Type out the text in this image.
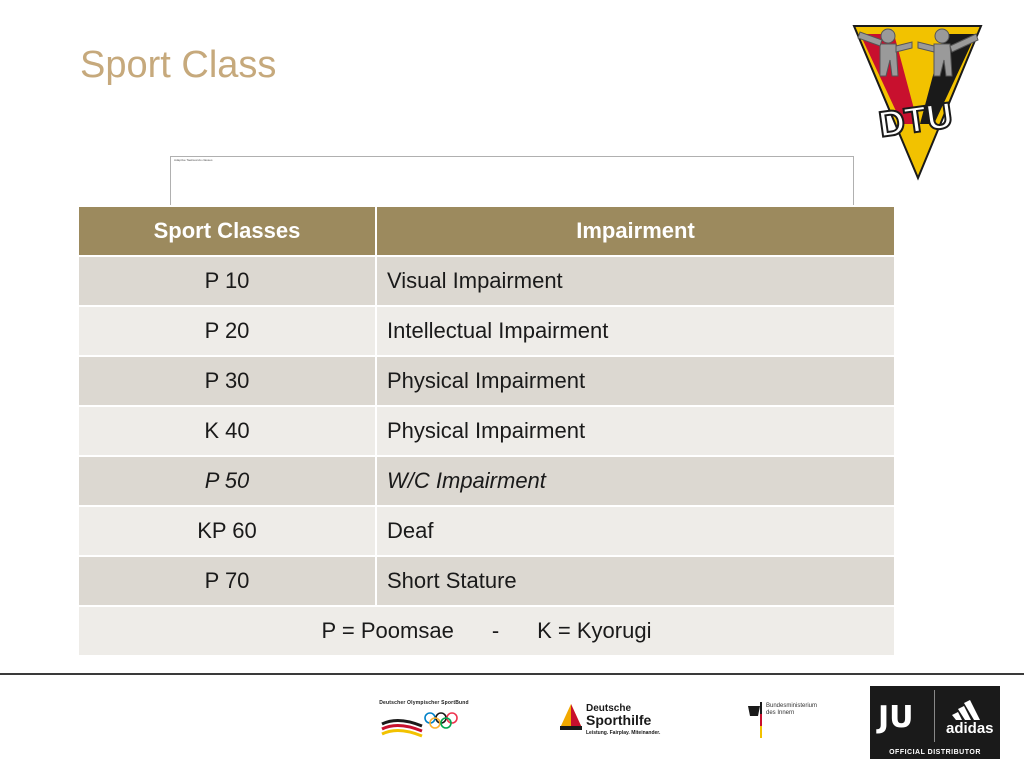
Sport Class
DTU
Adaptive Taekwondo classes
Sport Classes	Impairment
P 10	Visual Impairment
P 20	Intellectual Impairment
P 30	Physical Impairment
K 40	Physical Impairment
P 50	W/C Impairment
KP 60	Deaf
P 70	Short Stature
P = Poomsae - K = Kyorugi	
Deutscher Olympischer SportBund	Deutsche
Sporthilfe
Leistung. Fairplay. Miteinander.
Bundesministerium des Innern	JU adidas
OFFICIAL DISTRIBUTOR
